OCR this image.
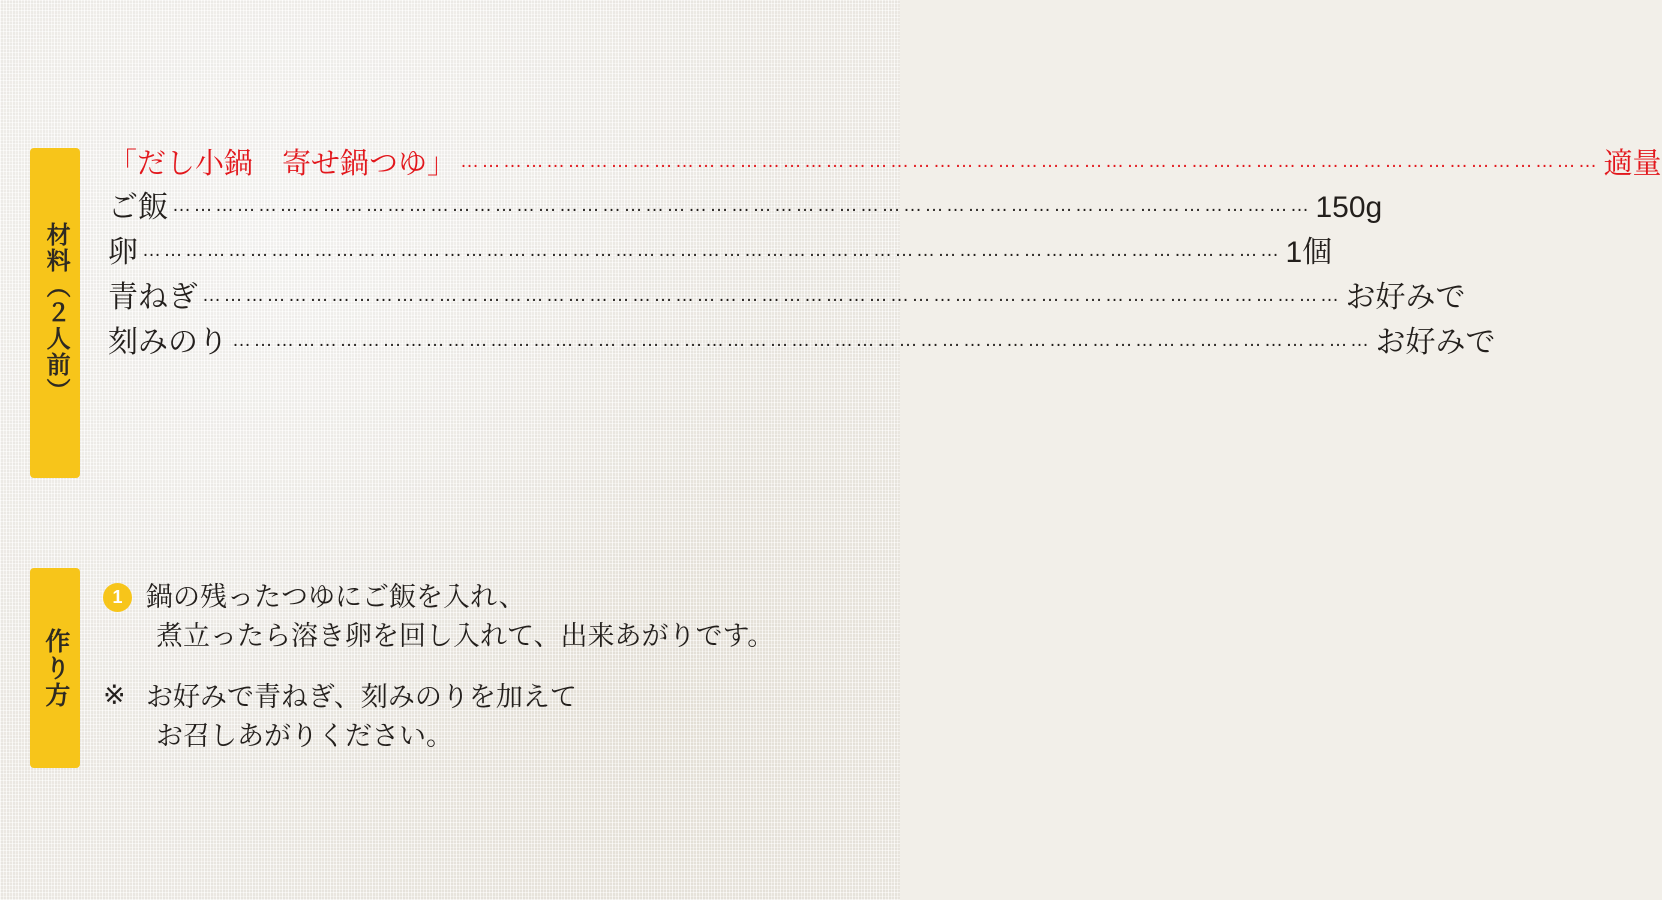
材料（２人前）
「だし小鍋　寄せ鍋つゆ」 …………………………………………………………………………………………………………………………………………… 適量
ご飯 …………………………………………………………………………………………………………………………………………… 150g
卵 …………………………………………………………………………………………………………………………………………… 1個
青ねぎ …………………………………………………………………………………………………………………………………………… お好みで
刻みのり …………………………………………………………………………………………………………………………………………… お好みで
作り方
1 鍋の残ったつゆにご飯を入れ、
煮立ったら溶き卵を回し入れて、出来あがりです。
※ お好みで青ねぎ、刻みのりを加えて
お召しあがりください。
